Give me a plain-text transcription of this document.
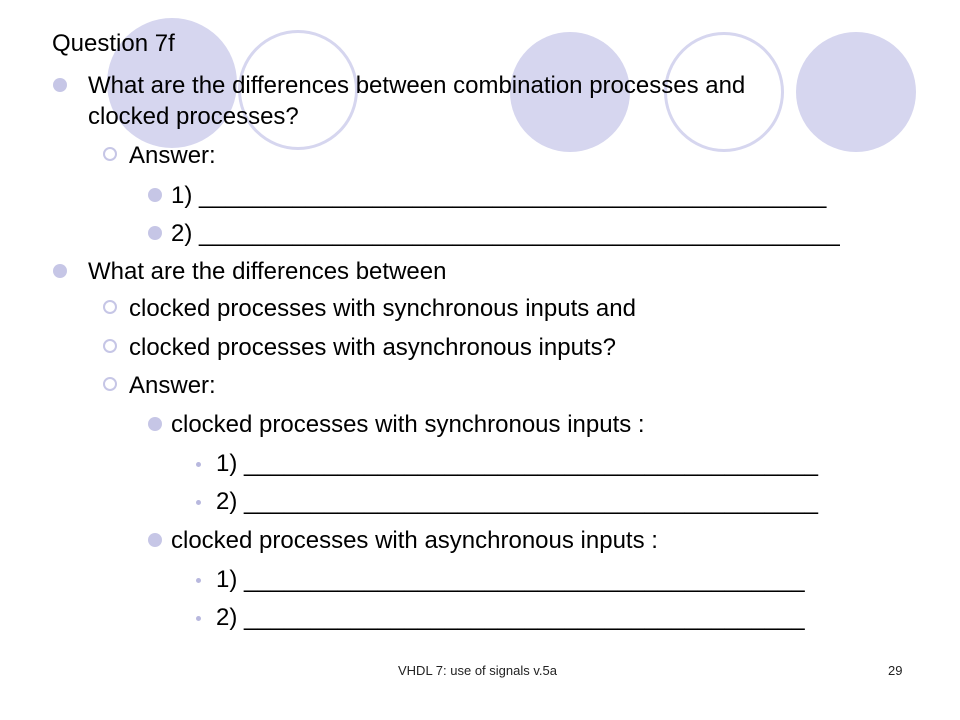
Question 7f
What are the differences between combination processes and
clocked processes?
Answer:
1) _______________________________________________
2) ________________________________________________
What are the differences between
clocked processes with synchronous inputs and
clocked processes with asynchronous inputs?
Answer:
clocked processes with synchronous inputs :
1) ___________________________________________
2) ___________________________________________
clocked processes with asynchronous inputs :
1) __________________________________________
2) __________________________________________
VHDL 7: use of signals v.5a	29
